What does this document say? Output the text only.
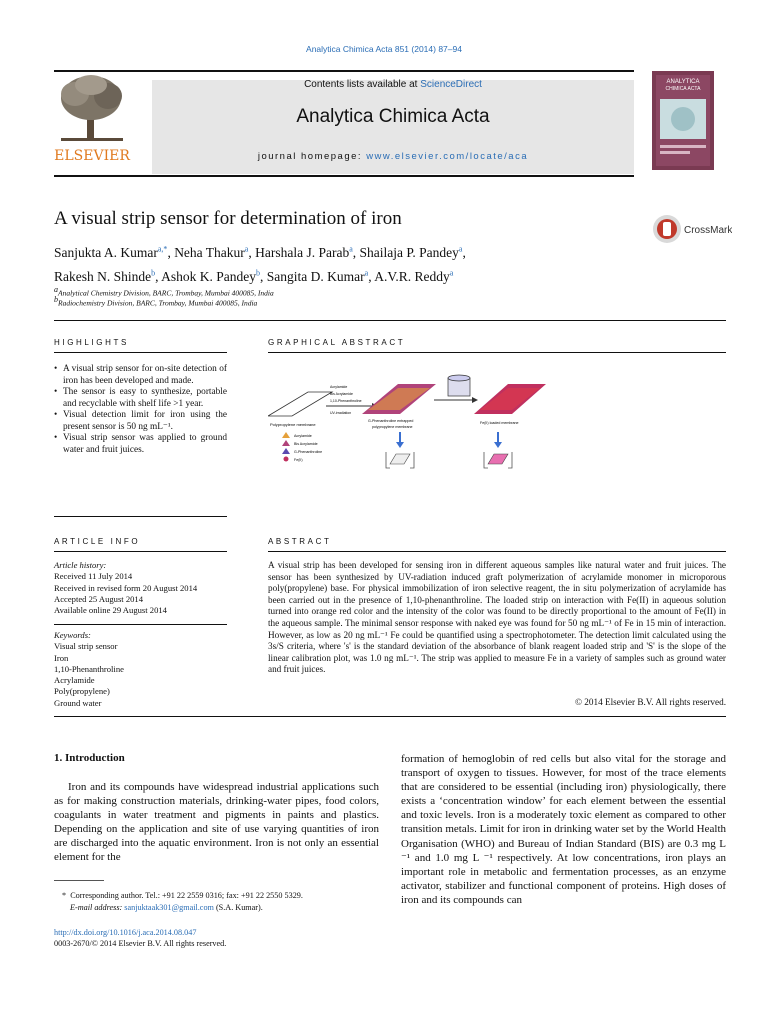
Analytica Chimica Acta 851 (2014) 87–94
ELSEVIER
Contents lists available at ScienceDirect
Analytica Chimica Acta
journal homepage: www.elsevier.com/locate/aca
ANALYTICA
CHIMICA ACTA
A visual strip sensor for determination of iron
CrossMark
Sanjukta A. Kumar$^{a,*}$, Neha Thakur$^a$, Harshala J. Parab$^a$, Shailaja P. Pandey$^a$,
Rakesh N. Shinde$^b$, Ashok K. Pandey$^b$, Sangita D. Kumar$^a$, A.V.R. Reddy$^a$
$^a$Analytical Chemistry Division, BARC, Trombay, Mumbai 400085, India
$^b$Radiochemistry Division, BARC, Trombay, Mumbai 400085, India
HIGHLIGHTS
• A visual strip sensor for on-site detection of iron has been developed and made.
• The sensor is easy to synthesize, portable and recyclable with shelf life >1 year.
• Visual detection limit for iron using the present sensor is 50 ng mL⁻¹.
• Visual strip sensor was applied to ground water and fruit juices.
GRAPHICAL ABSTRACT
Polypropylene membrane
Acrylamide
Bis Acrylamide
1,10-Phenanthroline
UV-irradiation
G-Phenanthroline entrapped
polypropylene membrane
Fe(II) loaded membrane
Acrylamide
Bis Acrylamide
G-Phenanthroline
Fe(II)
ARTICLE INFO
Article history:
Received 11 July 2014
Received in revised form 20 August 2014
Accepted 25 August 2014
Available online 29 August 2014
Keywords:
Visual strip sensor
Iron
1,10-Phenanthroline
Acrylamide
Poly(propylene)
Ground water
ABSTRACT
A visual strip has been developed for sensing iron in different aqueous samples like natural water and fruit juices. The sensor has been synthesized by UV-radiation induced graft polymerization of acrylamide monomer in microporous poly(propylene) base. For physical immobilization of iron selective reagent, the in situ polymerization of acrylamide has been carried out in the presence of 1,10-phenanthroline. The loaded strip on interaction with Fe(II) in aqueous solution turned into orange red color and the intensity of the color was found to be directly proportional to the amount of Fe(II) in the aqueous sample. The minimal sensor response with naked eye was found for 50 ng mL⁻¹ of Fe in 15 min of interaction. However, as low as 20 ng mL⁻¹ Fe could be quantified using a spectrophotometer. The detection limit calculated using the 3s/S criteria, where 's' is the standard deviation of the absorbance of blank reagent loaded strip and 'S' is the slope of the linear calibration plot, was 1.0 ng mL⁻¹. The strip was applied to measure Fe in a variety of samples such as ground water and fruit juices.
© 2014 Elsevier B.V. All rights reserved.
1. Introduction
Iron and its compounds have widespread industrial applications such as for making construction materials, drinking-water pipes, food colors, coagulants in water treatment and pigments in paints and plastics. Depending on the application and site of use varying quantities of iron are discharged into the aquatic environment. Iron is not only an essential element for the
formation of hemoglobin of red cells but also vital for the storage and transport of oxygen to tissues. However, for most of the trace elements that are considered to be essential (including iron) physiologically, there exists a ‘concentration window’ for each element between the essential and toxic levels. Iron is a moderately toxic element as compared to other transition metals. Limit for iron in drinking water set by the World Health Organisation (WHO) and Bureau of Indian Standard (BIS) are 0.3 mg L ⁻¹ and 1.0 mg L ⁻¹ respectively. At low concentrations, iron plays an important role in metabolic and fermentation processes, as an enzyme activator, stabilizer and functional component of proteins. High doses of iron and its compounds can
* Corresponding author. Tel.: +91 22 2559 0316; fax: +91 22 2550 5329.
E-mail address: sanjuktaak301@gmail.com (S.A. Kumar).
http://dx.doi.org/10.1016/j.aca.2014.08.047
0003-2670/© 2014 Elsevier B.V. All rights reserved.
